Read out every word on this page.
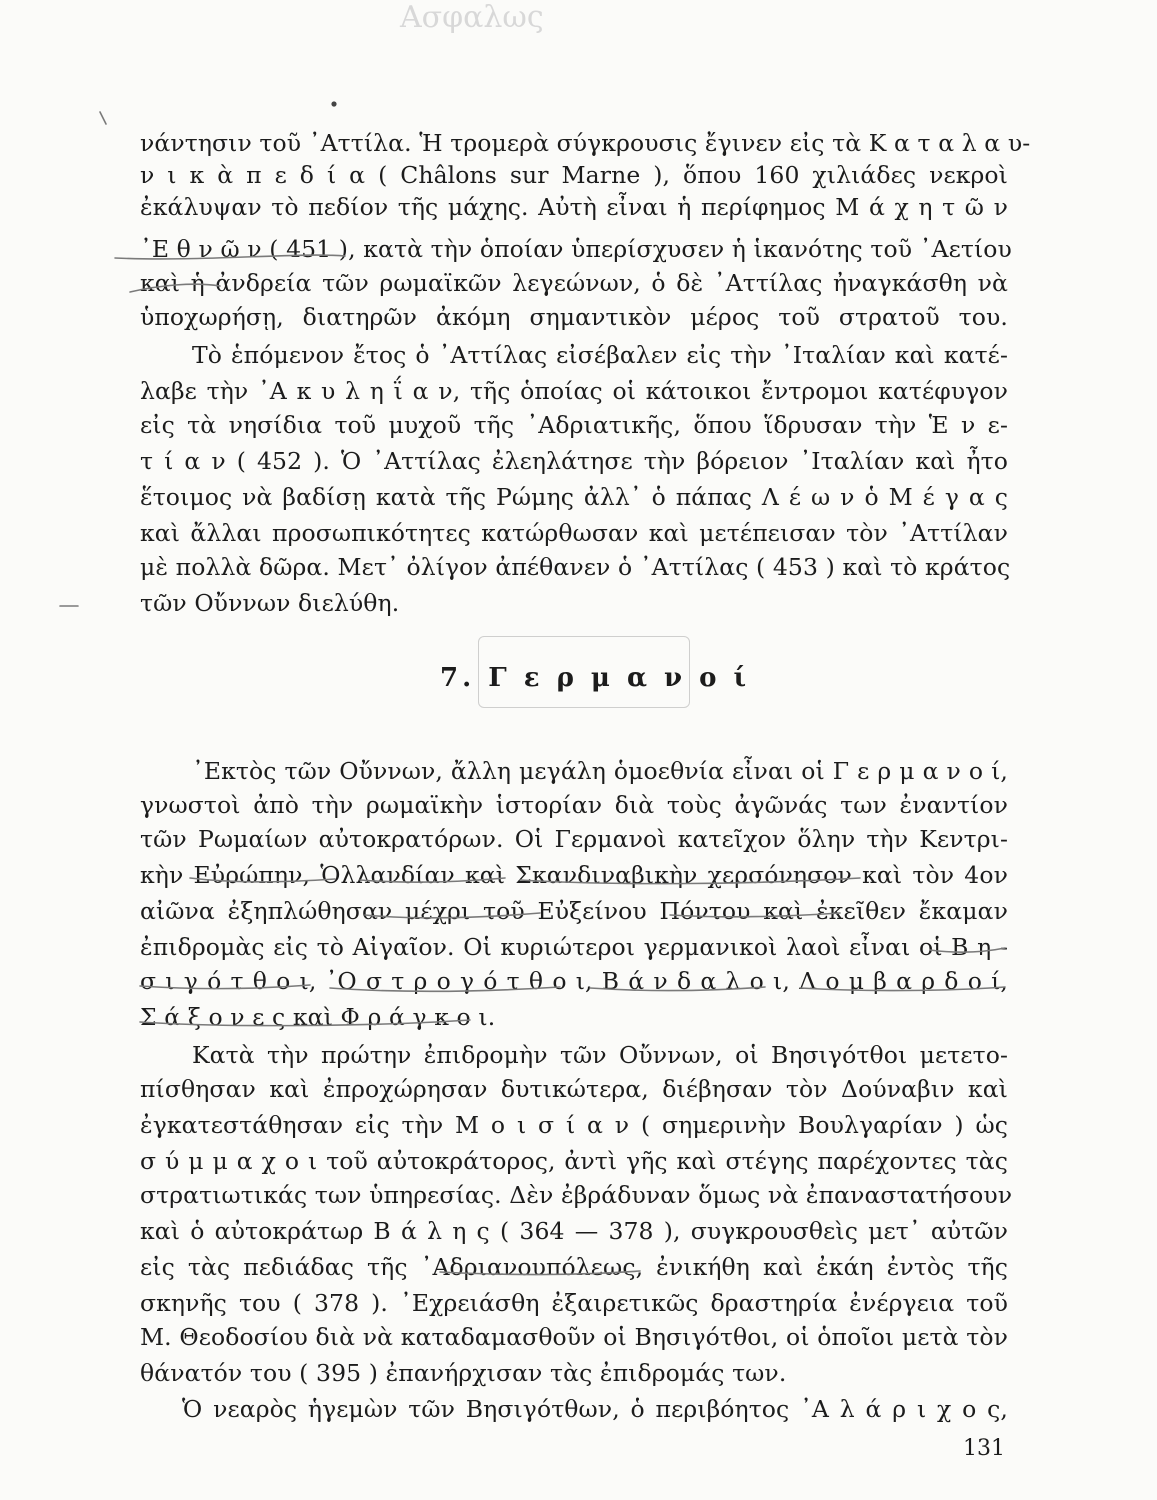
Ασφαλως
νάντησιν τοῦ ᾿Αττίλα. Ἡ τρομερὰ σύγκρουσις ἔγινεν εἰς τὰ Κ α τ α λ α υ-
ν ι κ ὰ π ε δ ί α ( Châlons sur Marne ), ὅπου 160 χιλιάδες νεκροὶ
ἐκάλυψαν τὸ πεδίον τῆς μάχης. Αὐτὴ εἶναι ἡ περίφημος Μ ά χ η τ ῶ ν
᾿Ε θ ν ῶ ν ( 451 ), κατὰ τὴν ὁποίαν ὑπερίσχυσεν ἡ ἱκανότης τοῦ ᾿Αετίου
καὶ ἡ ἀνδρεία τῶν ρωμαϊκῶν λεγεώνων, ὁ δὲ ᾿Αττίλας ἠναγκάσθη νὰ
ὑποχωρήσῃ, διατηρῶν ἀκόμη σημαντικὸν μέρος τοῦ στρατοῦ του.
Τὸ ἑπόμενον ἔτος ὁ ᾿Αττίλας εἰσέβαλεν εἰς τὴν ᾿Ιταλίαν καὶ κατέ-
λαβε τὴν ᾿Α κ υ λ η ΐ α ν, τῆς ὁποίας οἱ κάτοικοι ἔντρομοι κατέφυγον
εἰς τὰ νησίδια τοῦ μυχοῦ τῆς ᾿Αδριατικῆς, ὅπου ἵδρυσαν τὴν Ἑ ν ε-
τ ί α ν ( 452 ). Ὁ ᾿Αττίλας ἐλεηλάτησε τὴν βόρειον ᾿Ιταλίαν καὶ ἦτο
ἕτοιμος νὰ βαδίσῃ κατὰ τῆς Ρώμης ἀλλ᾿ ὁ πάπας Λ έ ω ν ὁ Μ έ γ α ς
καὶ ἄλλαι προσωπικότητες κατώρθωσαν καὶ μετέπεισαν τὸν ᾿Αττίλαν
μὲ πολλὰ δῶρα. Μετ᾿ ὀλίγον ἀπέθανεν ὁ ᾿Αττίλας ( 453 ) καὶ τὸ κράτος
τῶν Οὔννων διελύθη.
7. Γ ε ρ μ α ν ο ί
᾿Εκτὸς τῶν Οὔννων, ἄλλη μεγάλη ὁμοεθνία εἶναι οἱ Γ ε ρ μ α ν ο ί,
γνωστοὶ ἀπὸ τὴν ρωμαϊκὴν ἱστορίαν διὰ τοὺς ἀγῶνάς των ἐναντίον
τῶν Ρωμαίων αὐτοκρατόρων. Οἱ Γερμανοὶ κατεῖχον ὅλην τὴν Κεντρι-
κὴν Εὐρώπην, Ὁλλανδίαν καὶ Σκανδιναβικὴν χερσόνησον καὶ τὸν 4ον
αἰῶνα ἐξηπλώθησαν μέχρι τοῦ Εὐξείνου Πόντου καὶ ἐκεῖθεν ἔκαμαν
ἐπιδρομὰς εἰς τὸ Αἰγαῖον. Οἱ κυριώτεροι γερμανικοὶ λαοὶ εἶναι οἱ Β η -
σ ι γ ό τ θ ο ι, ᾿Ο σ τ ρ ο γ ό τ θ ο ι, Β ά ν δ α λ ο ι, Λ ο μ β α ρ δ ο ί,
Σ ά ξ ο ν ε ς καὶ Φ ρ ά γ κ ο ι.
Κατὰ τὴν πρώτην ἐπιδρομὴν τῶν Οὔννων, οἱ Βησιγότθοι μετετο-
πίσθησαν καὶ ἐπροχώρησαν δυτικώτερα, διέβησαν τὸν Δούναβιν καὶ
ἐγκατεστάθησαν εἰς τὴν Μ ο ι σ ί α ν ( σημερινὴν Βουλγαρίαν ) ὡς
σ ύ μ μ α χ ο ι τοῦ αὐτοκράτορος, ἀντὶ γῆς καὶ στέγης παρέχοντες τὰς
στρατιωτικάς των ὑπηρεσίας. Δὲν ἐβράδυναν ὅμως νὰ ἐπαναστατήσουν
καὶ ὁ αὐτοκράτωρ Β ά λ η ς ( 364 — 378 ), συγκρουσθεὶς μετ᾿ αὐτῶν
εἰς τὰς πεδιάδας τῆς ᾿Αδριανουπόλεως, ἐνικήθη καὶ ἐκάη ἐντὸς τῆς
σκηνῆς του ( 378 ). ᾿Εχρειάσθη ἐξαιρετικῶς δραστηρία ἐνέργεια τοῦ
Μ. Θεοδοσίου διὰ νὰ καταδαμασθοῦν οἱ Βησιγότθοι, οἱ ὁποῖοι μετὰ τὸν
θάνατόν του ( 395 ) ἐπανήρχισαν τὰς ἐπιδρομάς των.
Ὁ νεαρὸς ἡγεμὼν τῶν Βησιγότθων, ὁ περιβόητος ᾿Α λ ά ρ ι χ ο ς,
131
